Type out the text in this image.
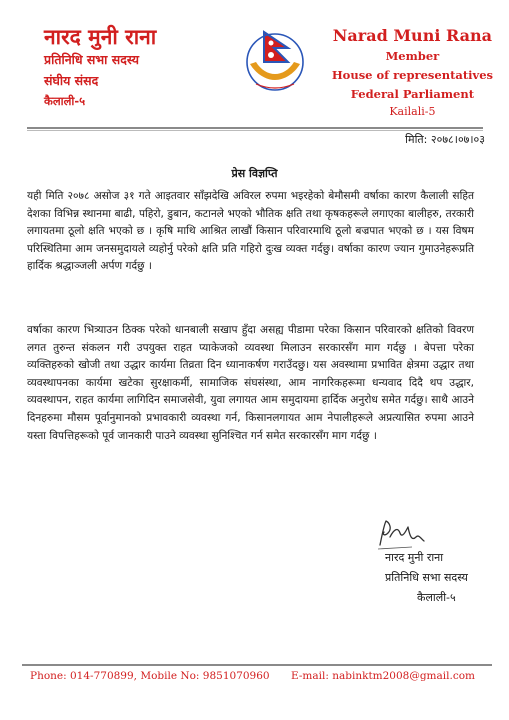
नारद मुनी राना
प्रतिनिधि सभा सदस्य
संघीय संसद
कैलाली-५
Narad Muni Rana
Member
House of representatives
Federal Parliament
Kailali-5
मिति: २०७८।०७।०३
प्रेस विज्ञप्ति

यही मिति २०७८ असोज ३१ गते आइतवार साँझदेखि अविरल रुपमा भइरहेको बेमौसमी वर्षाका कारण कैलाली सहित देशका विभिन्न स्थानमा बाढी, पहिरो, डुबान, कटानले भएको भौतिक क्षति तथा कृषकहरूले लगाएका बालीहरु, तरकारी लगायतमा ठूलो क्षति भएको छ । कृषि माथि आश्रित लाखौं किसान परिवारमाथि ठूलो बज्रपात भएको छ । यस विषम परिस्थितिमा आम जनसमुदायले व्यहोर्नु परेको क्षति प्रति गहिरो दुःख व्यक्त गर्दछु। वर्षाका कारण ज्यान गुमाउनेहरूप्रति हार्दिक श्रद्धाञ्जली अर्पण गर्दछु ।

वर्षाका कारण भित्र्याउन ठिक्क परेको धानबाली सखाप हुँदा असह्य पीडामा परेका किसान परिवारको क्षतिको विवरण लगत तुरुन्त संकलन गरी उपयुक्त राहत प्याकेजको व्यवस्था मिलाउन सरकारसँग माग गर्दछु । बेपत्ता परेका व्यक्तिहरुको खोजी तथा उद्धार कार्यमा तिव्रता दिन ध्यानाकर्षण गराउँदछु। यस अवस्थामा प्रभावित क्षेत्रमा उद्धार तथा व्यवस्थापनका कार्यमा खटेका सुरक्षाकर्मी, सामाजिक संघसंस्था, आम नागरिकहरूमा धन्यवाद दिदै थप उद्धार, व्यवस्थापन, राहत कार्यमा लागिदिन समाजसेवी, युवा लगायत आम समुदायमा हार्दिक अनुरोध समेत गर्दछु। साथै आउने दिनहरुमा मौसम पूर्वानुमानको प्रभावकारी व्यवस्था गर्न, किसानलगायत आम नेपालीहरूले अप्रत्यासित रुपमा आउने यस्ता विपत्तिहरूको पूर्व जानकारी पाउने व्यवस्था सुनिश्चित गर्न समेत सरकारसँग माग गर्दछु ।

नारद मुनी राना
प्रतिनिधि सभा सदस्य
कैलाली-५
Phone: 014-770899, Mobile No: 9851070960 E-mail: nabinktm2008@gmail.com
